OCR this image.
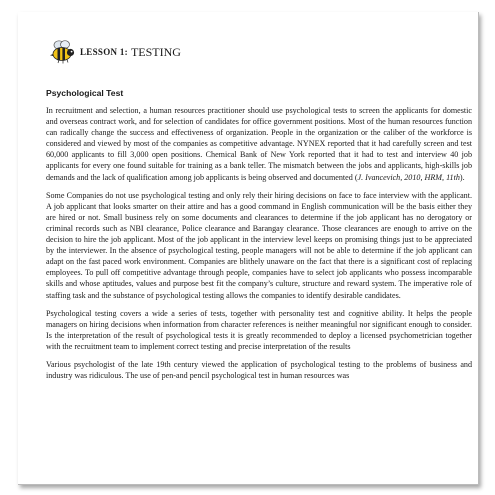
LESSON 1: TESTING
Psychological Test

In recruitment and selection, a human resources practitioner should use psychological tests to screen the applicants for domestic and overseas contract work, and for selection of candidates for office government positions. Most of the human resources function can radically change the success and effectiveness of organization. People in the organization or the caliber of the workforce is considered and viewed by most of the companies as competitive advantage. NYNEX reported that it had carefully screen and test 60,000 applicants to fill 3,000 open positions. Chemical Bank of New York reported that it had to test and interview 40 job applicants for every one found suitable for training as a bank teller. The mismatch between the jobs and applicants, high-skills job demands and the lack of qualification among job applicants is being observed and documented (J. Ivancevich, 2010, HRM, 11th).

Some Companies do not use psychological testing and only rely their hiring decisions on face to face interview with the applicant. A job applicant that looks smarter on their attire and has a good command in English communication will be the basis either they are hired or not. Small business rely on some documents and clearances to determine if the job applicant has no derogatory or criminal records such as NBI clearance, Police clearance and Barangay clearance. Those clearances are enough to arrive on the decision to hire the job applicant. Most of the job applicant in the interview level keeps on promising things just to be appreciated by the interviewer. In the absence of psychological testing, people managers will not be able to determine if the job applicant can adapt on the fast paced work environment. Companies are blithely unaware on the fact that there is a significant cost of replacing employees. To pull off competitive advantage through people, companies have to select job applicants who possess incomparable skills and whose aptitudes, values and purpose best fit the company’s culture, structure and reward system. The imperative role of staffing task and the substance of psychological testing allows the companies to identify desirable candidates.

Psychological testing covers a wide a series of tests, together with personality test and cognitive ability. It helps the people managers on hiring decisions when information from character references is neither meaningful nor significant enough to consider. Is the interpretation of the result of psychological tests it is greatly recommended to deploy a licensed psychometrician together with the recruitment team to implement correct testing and precise interpretation of the results

Various psychologist of the late 19th century viewed the application of psychological testing to the problems of business and industry was ridiculous. The use of pen-and pencil psychological test in human resources was
